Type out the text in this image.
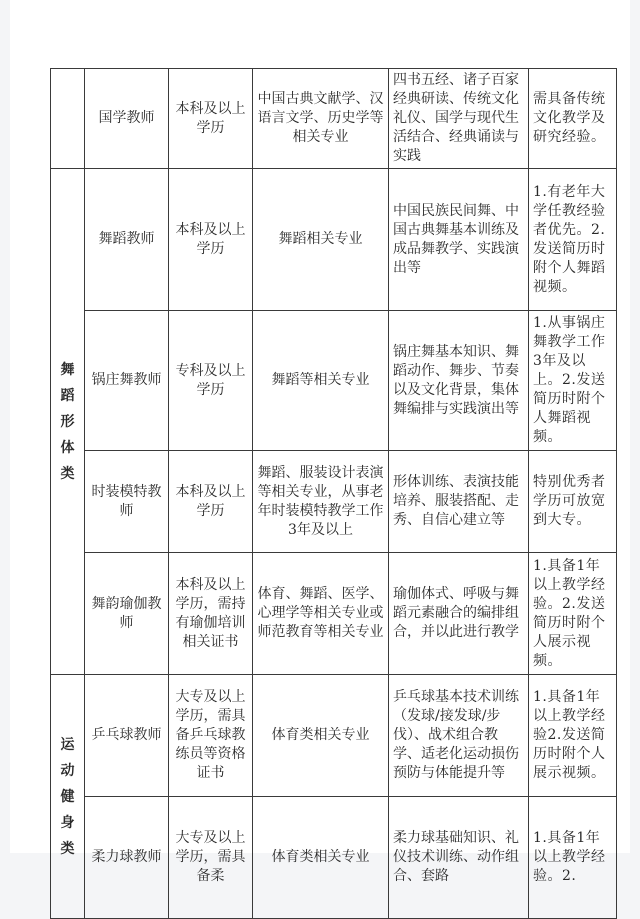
	国学教师	本科及以上学历	中国古典文献学、汉语言文学、历史学等相关专业	四书五经、诸子百家经典研读、传统文化礼仪、国学与现代生活结合、经典诵读与实践	需具备传统文化教学及研究经验。
舞蹈形体类	舞蹈教师	本科及以上学历	舞蹈相关专业	中国民族民间舞、中国古典舞基本训练及成品舞教学、实践演出等	1.有老年大学任教经验者优先。2.发送简历时附个人舞蹈视频。
	锅庄舞教师	专科及以上学历	舞蹈等相关专业	锅庄舞基本知识、舞蹈动作、舞步、节奏以及文化背景，集体舞编排与实践演出等	1.从事锅庄舞教学工作3年及以上。2.发送简历时附个人舞蹈视频。
	时装模特教师	本科及以上学历	舞蹈、服装设计表演等相关专业，从事老年时装模特教学工作3年及以上	形体训练、表演技能培养、服装搭配、走秀、自信心建立等	特别优秀者学历可放宽到大专。
	舞韵瑜伽教师	本科及以上学历，需持有瑜伽培训相关证书	体育、舞蹈、医学、心理学等相关专业或师范教育等相关专业	瑜伽体式、呼吸与舞蹈元素融合的编排组合，并以此进行教学	1.具备1年以上教学经验。2.发送简历时附个人展示视频。
运动健身类	乒乓球教师	大专及以上学历，需具备乒乓球教练员等资格证书	体育类相关专业	乒乓球基本技术训练（发球/接发球/步伐）、战术组合教学、适老化运动损伤预防与体能提升等	1.具备1年以上教学经验2.发送简历时附个人展示视频。
	柔力球教师	大专及以上学历，需具备柔	体育类相关专业	柔力球基础知识、礼仪技术训练、动作组合、套路	1.具备1年以上教学经验。2.
